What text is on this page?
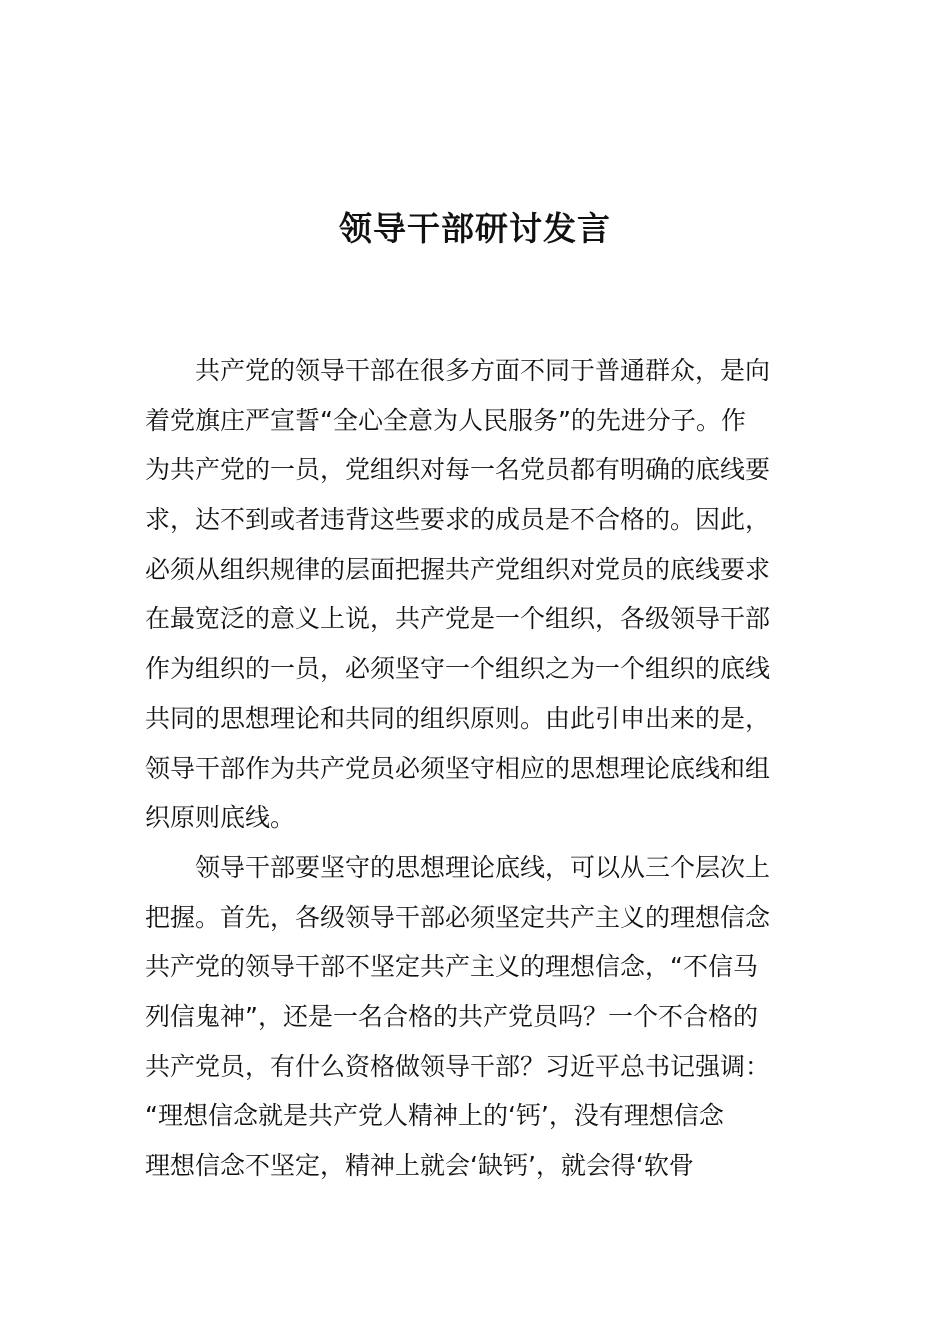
领导干部研讨发言
共产党的领导干部在很多方面不同于普通群众，是向
着党旗庄严宣誓“全心全意为人民服务”的先进分子。作
为共产党的一员，党组织对每一名党员都有明确的底线要
求，达不到或者违背这些要求的成员是不合格的。因此，
必须从组织规律的层面把握共产党组织对党员的底线要求
在最宽泛的意义上说，共产党是一个组织，各级领导干部
作为组织的一员，必须坚守一个组织之为一个组织的底线
共同的思想理论和共同的组织原则。由此引申出来的是，
领导干部作为共产党员必须坚守相应的思想理论底线和组
织原则底线。
领导干部要坚守的思想理论底线，可以从三个层次上
把握。首先，各级领导干部必须坚定共产主义的理想信念
共产党的领导干部不坚定共产主义的理想信念，“不信马
列信鬼神”，还是一名合格的共产党员吗？一个不合格的
共产党员，有什么资格做领导干部？习近平总书记强调：
“理想信念就是共产党人精神上的‘钙’，没有理想信念
理想信念不坚定，精神上就会‘缺钙’，就会得‘软骨
